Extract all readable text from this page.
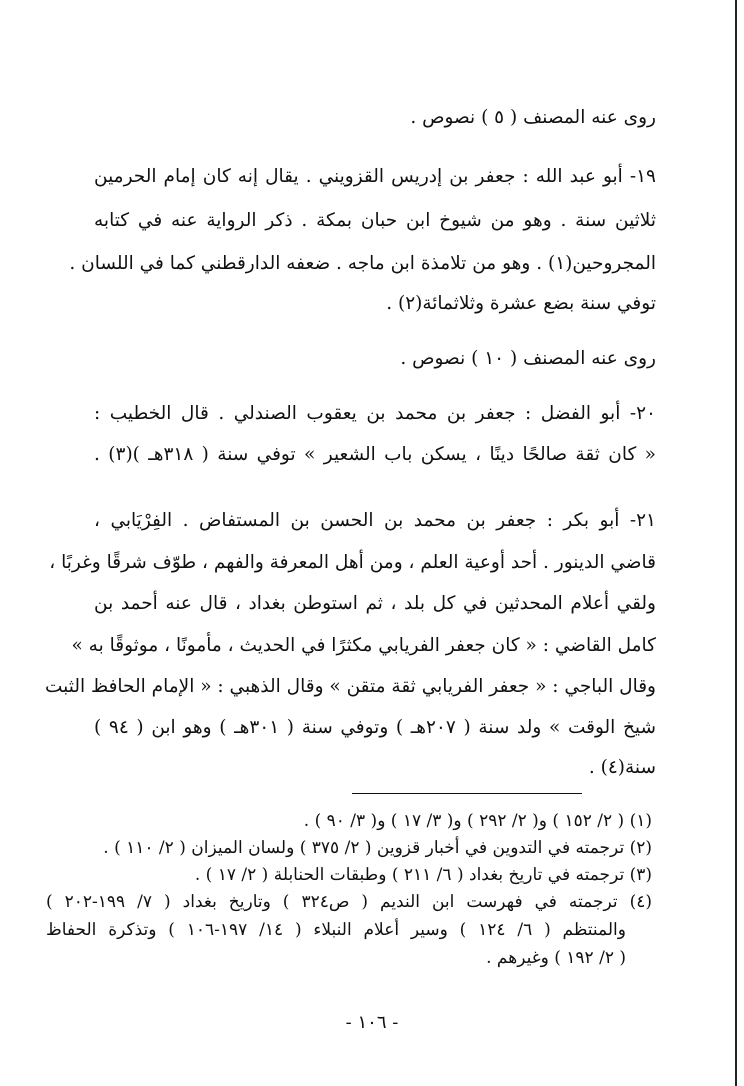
روى عنه المصنف ( ٥ ) نصوص .
١٩- أبو عبد الله : جعفر بن إدريس القزويني . يقال إنه كان إمام الحرمين
ثلاثين سنة . وهو من شيوخ ابن حبان بمكة . ذكر الرواية عنه في كتابه
المجروحين(١) . وهو من تلامذة ابن ماجه . ضعفه الدارقطني كما في اللسان .
توفي سنة بضع عشرة وثلاثمائة(٢) .
روى عنه المصنف ( ١٠ ) نصوص .
٢٠- أبو الفضل : جعفر بن محمد بن يعقوب الصندلي . قال الخطيب :
« كان ثقة صالحًا دينًا ، يسكن باب الشعير » توفي سنة ( ٣١٨هـ )(٣) .
٢١- أبو بكر : جعفر بن محمد بن الحسن بن المستفاض . الفِرْيَابي ،
قاضي الدينور . أحد أوعية العلم ، ومن أهل المعرفة والفهم ، طوّف شرقًا وغربًا ،
ولقي أعلام المحدثين في كل بلد ، ثم استوطن بغداد ، قال عنه أحمد بن
كامل القاضي : « كان جعفر الفريابي مكثرًا في الحديث ، مأمونًا ، موثوقًا به »
وقال الباجي : « جعفر الفريابي ثقة متقن » وقال الذهبي : « الإمام الحافظ الثبت
شيخ الوقت » ولد سنة ( ٢٠٧هـ ) وتوفي سنة ( ٣٠١هـ ) وهو ابن ( ٩٤ )
سنة(٤) .
(١) ( ٢/ ١٥٢ ) و( ٢/ ٢٩٢ ) و( ٣/ ١٧ ) و( ٣/ ٩٠ ) .
(٢) ترجمته في التدوين في أخبار قزوين ( ٢/ ٣٧٥ ) ولسان الميزان ( ٢/ ١١٠ ) .
(٣) ترجمته في تاريخ بغداد ( ٦/ ٢١١ ) وطبقات الحنابلة ( ٢/ ١٧ ) .
(٤) ترجمته في فهرست ابن النديم ( ص٣٢٤ ) وتاريخ بغداد ( ٧/ ١٩٩-٢٠٢ )
والمنتظم ( ٦/ ١٢٤ ) وسير أعلام النبلاء ( ١٤/ ١٩٧-١٠٦ ) وتذكرة الحفاظ
( ٢/ ١٩٢ ) وغيرهم .
- ١٠٦ -
